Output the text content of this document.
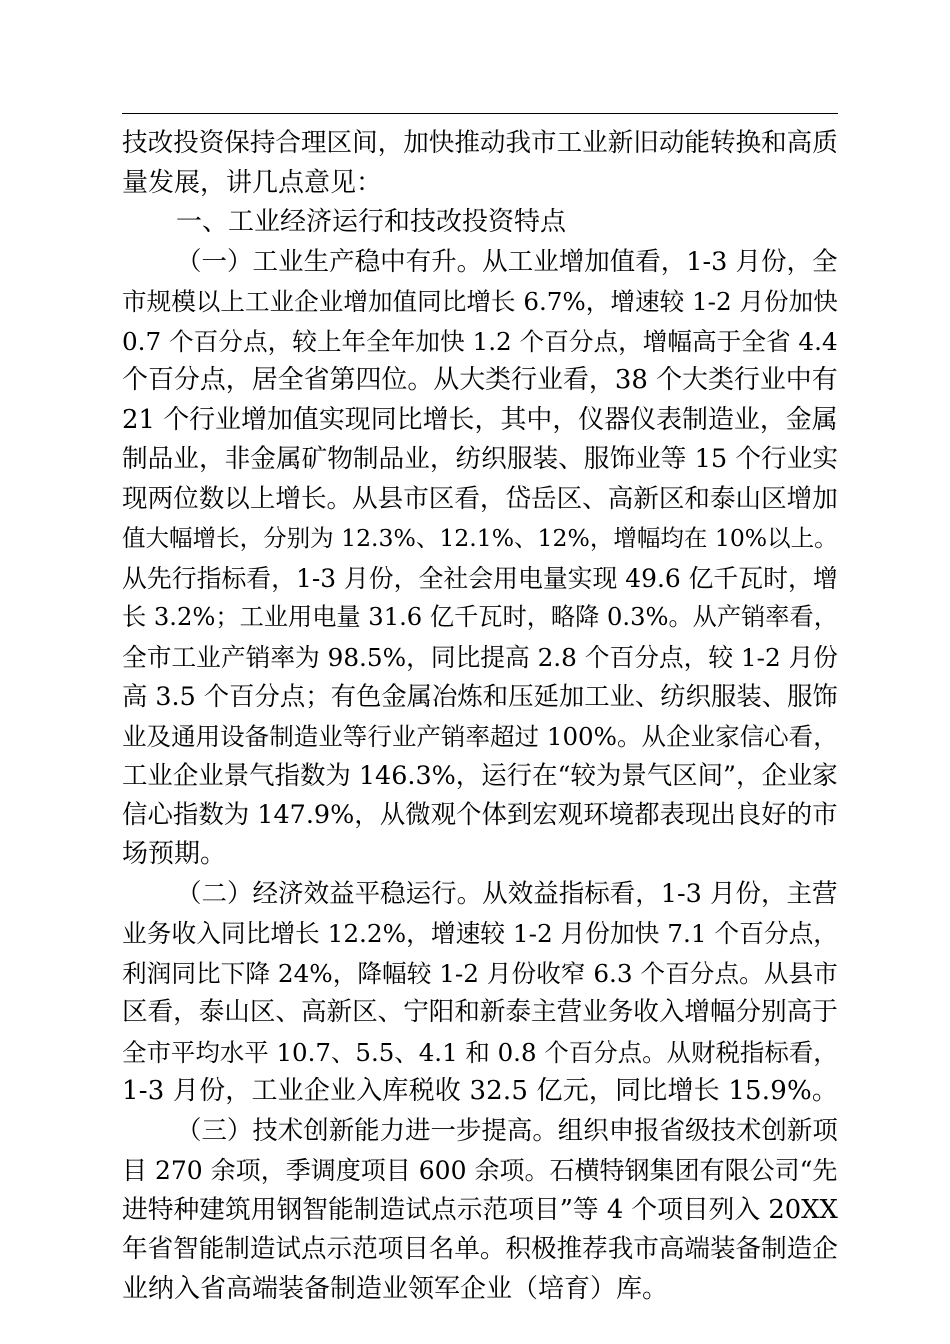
技改投资保持合理区间，加快推动我市工业新旧动能转换和高质
量发展，讲几点意见：
一、工业经济运行和技改投资特点
（一）工业生产稳中有升。从工业增加值看，1-3 月份，全
市规模以上工业企业增加值同比增长 6.7%，增速较 1-2 月份加快
0.7 个百分点，较上年全年加快 1.2 个百分点，增幅高于全省 4.4
个百分点，居全省第四位。从大类行业看，38 个大类行业中有
21 个行业增加值实现同比增长，其中，仪器仪表制造业，金属
制品业，非金属矿物制品业，纺织服装、服饰业等 15 个行业实
现两位数以上增长。从县市区看，岱岳区、高新区和泰山区增加
值大幅增长，分别为 12.3%、12.1%、12%，增幅均在 10%以上。
从先行指标看，1-3 月份，全社会用电量实现 49.6 亿千瓦时，增
长 3.2%；工业用电量 31.6 亿千瓦时，略降 0.3%。从产销率看，
全市工业产销率为 98.5%，同比提高 2.8 个百分点，较 1-2 月份
高 3.5 个百分点；有色金属冶炼和压延加工业、纺织服装、服饰
业及通用设备制造业等行业产销率超过 100%。从企业家信心看，
工业企业景气指数为 146.3%，运行在“较为景气区间”，企业家
信心指数为 147.9%，从微观个体到宏观环境都表现出良好的市
场预期。
（二）经济效益平稳运行。从效益指标看，1-3 月份，主营
业务收入同比增长 12.2%，增速较 1-2 月份加快 7.1 个百分点，
利润同比下降 24%，降幅较 1-2 月份收窄 6.3 个百分点。从县市
区看，泰山区、高新区、宁阳和新泰主营业务收入增幅分别高于
全市平均水平 10.7、5.5、4.1 和 0.8 个百分点。从财税指标看，
1-3 月份，工业企业入库税收 32.5 亿元，同比增长 15.9%。
（三）技术创新能力进一步提高。组织申报省级技术创新项
目 270 余项，季调度项目 600 余项。石横特钢集团有限公司“先
进特种建筑用钢智能制造试点示范项目”等 4 个项目列入 20XX
年省智能制造试点示范项目名单。积极推荐我市高端装备制造企
业纳入省高端装备制造业领军企业（培育）库。
